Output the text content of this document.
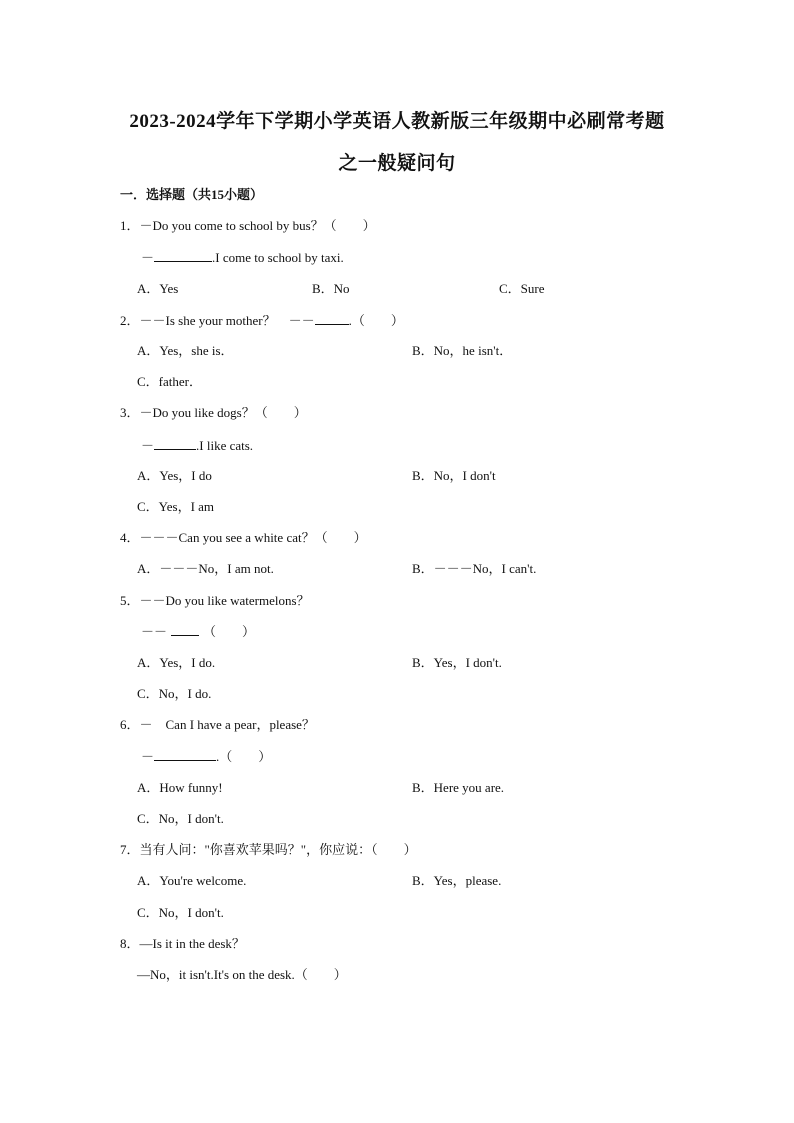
2023-2024学年下学期小学英语人教新版三年级期中必刷常考题
之一般疑问句
一．选择题（共15小题）
1．－Do you come to school by bus？（　　）
－	.I come to school by taxi.
A．Yes	B．No	C．Sure
2．－－Is she your mother？　－－	.（　　）
A．Yes，she is．	B．No，he isn't．
C．father．
3．－Do you like dogs？（　　）
－	.I like cats.
A．Yes，I do	B．No，I don't
C．Yes，I am
4．－－－Can you see a white cat？（　　）
A．－－－No，I am not.	B．－－－No，I can't.
5．－－Do you like watermelons？
－－	（　　）
A．Yes，I do.	B．Yes，I don't.
C．No，I do.
6．－　Can I have a pear，please？
－	.（　　）
A．How funny!	B．Here you are.
C．No，I don't.
7．当有人问："你喜欢苹果吗？"，你应说：（　　）
A．You're welcome.	B．Yes，please.
C．No，I don't.
8．—Is it in the desk？
—No，it isn't.It's on the desk.（　　）
